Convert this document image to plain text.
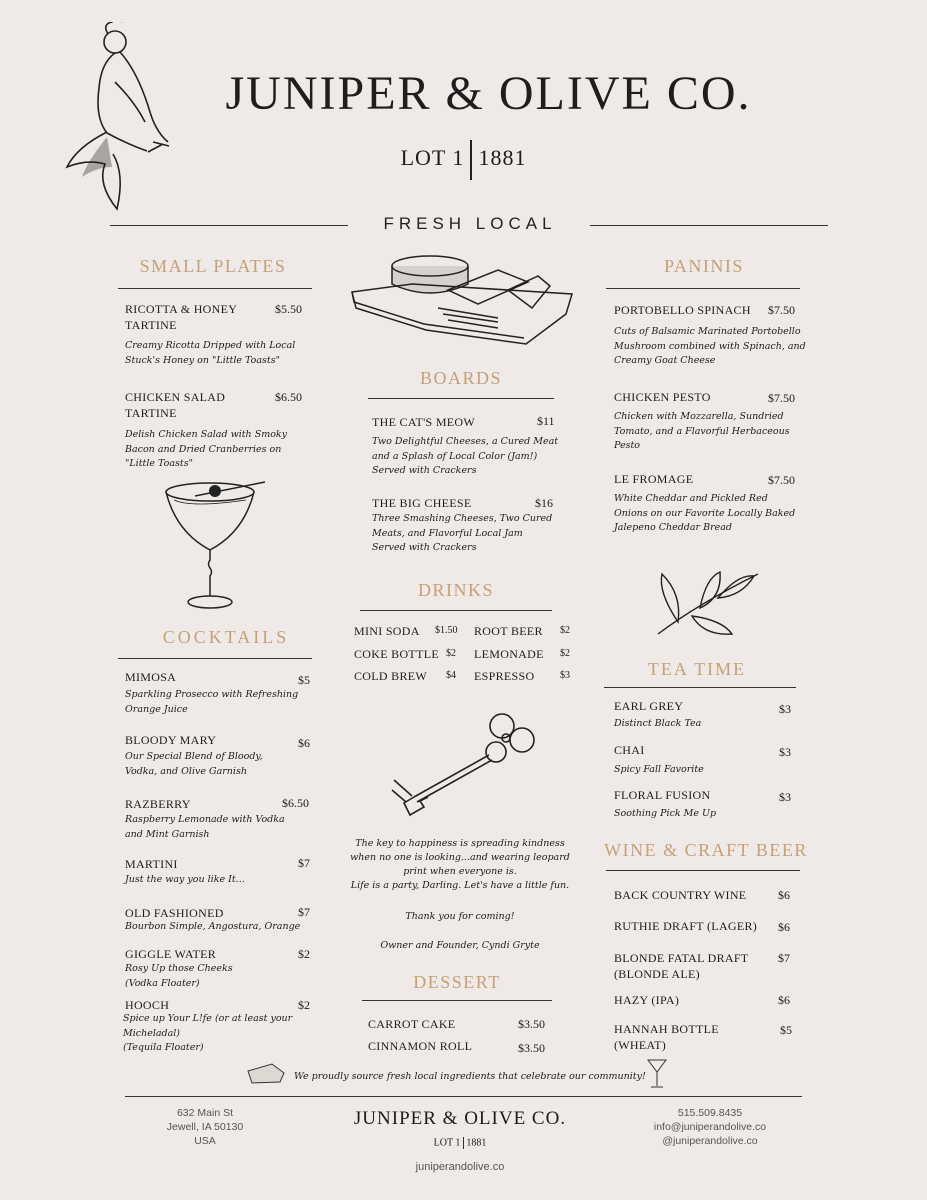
JUNIPER & OLIVE CO.
LOT 1 1881
FRESH LOCAL
SMALL PLATES
RICOTTA & HONEY
TARTINE
$5.50
Creamy Ricotta Dripped with Local
Stuck's Honey on "Little Toasts"
CHICKEN SALAD
TARTINE
$6.50
Delish Chicken Salad with Smoky
Bacon and Dried Cranberries on
"Little Toasts"
COCKTAILS
MIMOSA	$5
Sparkling Prosecco with Refreshing
Orange Juice
BLOODY MARY	$6
Our Special Blend of Bloody,
Vodka, and Olive Garnish
RAZBERRY	$6.50
Raspberry Lemonade with Vodka
and Mint Garnish
MARTINI	$7
Just the way you like It...
OLD FASHIONED	$7
Bourbon Simple, Angostura, Orange
GIGGLE WATER	$2
Rosy Up those Cheeks
(Vodka Floater)
HOOCH	$2
Spice up Your L!fe (or at least your
Micheladal)
(Tequila Floater)
BOARDS
THE CAT'S MEOW	$11
Two Delightful Cheeses, a Cured Meat
and a Splash of Local Color (Jam!)
Served with Crackers
THE BIG CHEESE	$16
Three Smashing Cheeses, Two Cured
Meats, and Flavorful Local Jam
Served with Crackers
DRINKS
MINI SODA $1.50 ROOT BEER $2
COKE BOTTLE $2 LEMONADE $2
COLD BREW $4 ESPRESSO	$3
The key to happiness is spreading kindness
when no one is looking...and wearing leopard
print when everyone is.
Life is a party, Darling. Let's have a little fun.
Thank you for coming!
Owner and Founder, Cyndi Gryte
DESSERT
CARROT CAKE	$3.50
CINNAMON ROLL	$3.50
PANINIS
PORTOBELLO SPINACH $7.50
Cuts of Balsamic Marinated Portobello
Mushroom combined with Spinach, and
Creamy Goat Cheese
CHICKEN PESTO	$7.50
Chicken with Mozzarella, Sundried
Tomato, and a Flavorful Herbaceous
Pesto
LE FROMAGE	$7.50
White Cheddar and Pickled Red
Onions on our Favorite Locally Baked
Jalepeno Cheddar Bread
TEA TIME
EARL GREY	$3
Distinct Black Tea
CHAI	$3
Spicy Fall Favorite
FLORAL FUSION	$3
Soothing Pick Me Up
WINE & CRAFT BEER
BACK COUNTRY WINE	$6
RUTHIE DRAFT (LAGER) $6
BLONDE FATAL DRAFT
(BLONDE ALE)
$7
HAZY (IPA)	$6
HANNAH BOTTLE
(WHEAT)
$5
We proudly source fresh local ingredients that celebrate our community!
632 Main St
Jewell, IA 50130
USA
JUNIPER & OLIVE CO.
LOT 1 1881
515.509.8435
info@juniperandolive.co
@juniperandolive.co
juniperandolive.co
